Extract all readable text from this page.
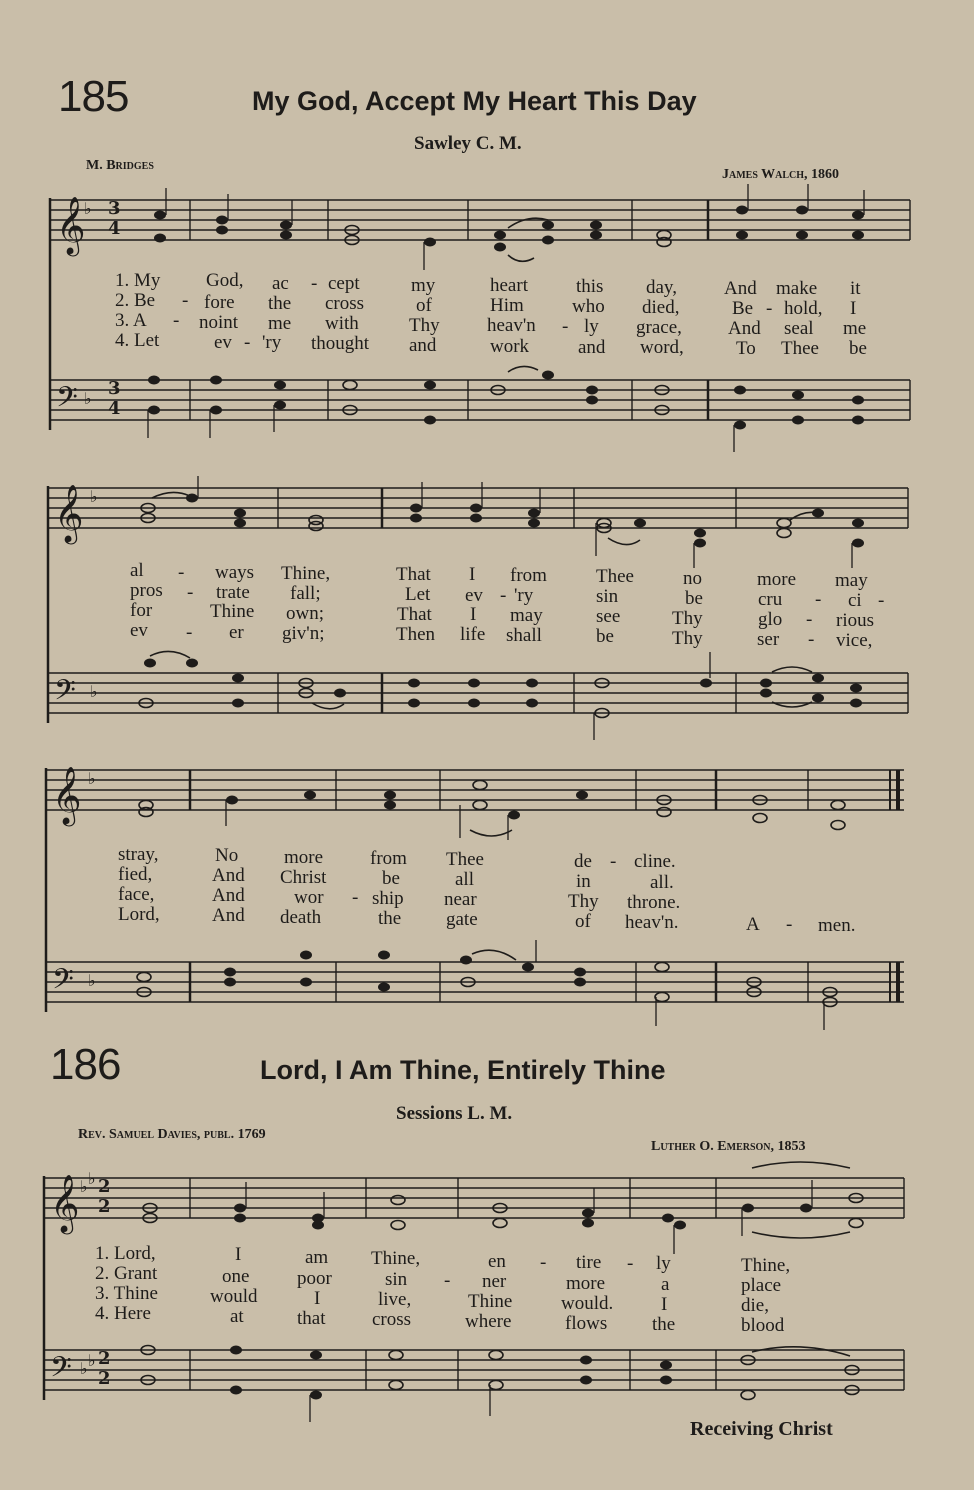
185	My God, Accept My Heart This Day
Sawley C. M.
M. Bridges
James Walch, 1860
𝄞
♭ 3
4
𝄢 ♭ 3
4
1. My God, ac - cept	my	heart	this day, And make it
2. Be - fore the cross	of	Him	who died,	Be - hold, I
3. A - noint me with	Thy heav'n - ly grace, And seal me
4. Let	ev - 'ry thought and	work	and word,	To Thee be
𝄞 ♭
𝄢 ♭
al - ways Thine,	That I from	Thee	no	more may
pros - trate fall;	Let ev - 'ry	sin	be	cru - ci -
for	Thine own;	That I may	see	Thy	glo - rious
ev - er giv'n;	Then life shall	be	Thy	ser - vice,
𝄞 ♭
𝄢 ♭
stray,	No more from Thee	de - cline.
fied,	And Christ	be	all	in	all.
face,	And	wor - ship near	Thy throne.
Lord,	And death	the gate	of heav'n.	A - men.
186	Lord, I Am Thine, Entirely Thine
Sessions L. M.
Rev. Samuel Davies, publ. 1769
Luther O. Emerson, 1853
𝄞 ♭ ♭ 2
2
𝄢 ♭ ♭ 2
2
1. Lord,	I	am Thine,	en - tire - ly	Thine,
2. Grant	one	poor	sin - ner	more	a	place
3. Thine	would	I	live,	Thine	would.	I	die,
4. Here	at	that cross	where	flows the	blood
Receiving Christ
